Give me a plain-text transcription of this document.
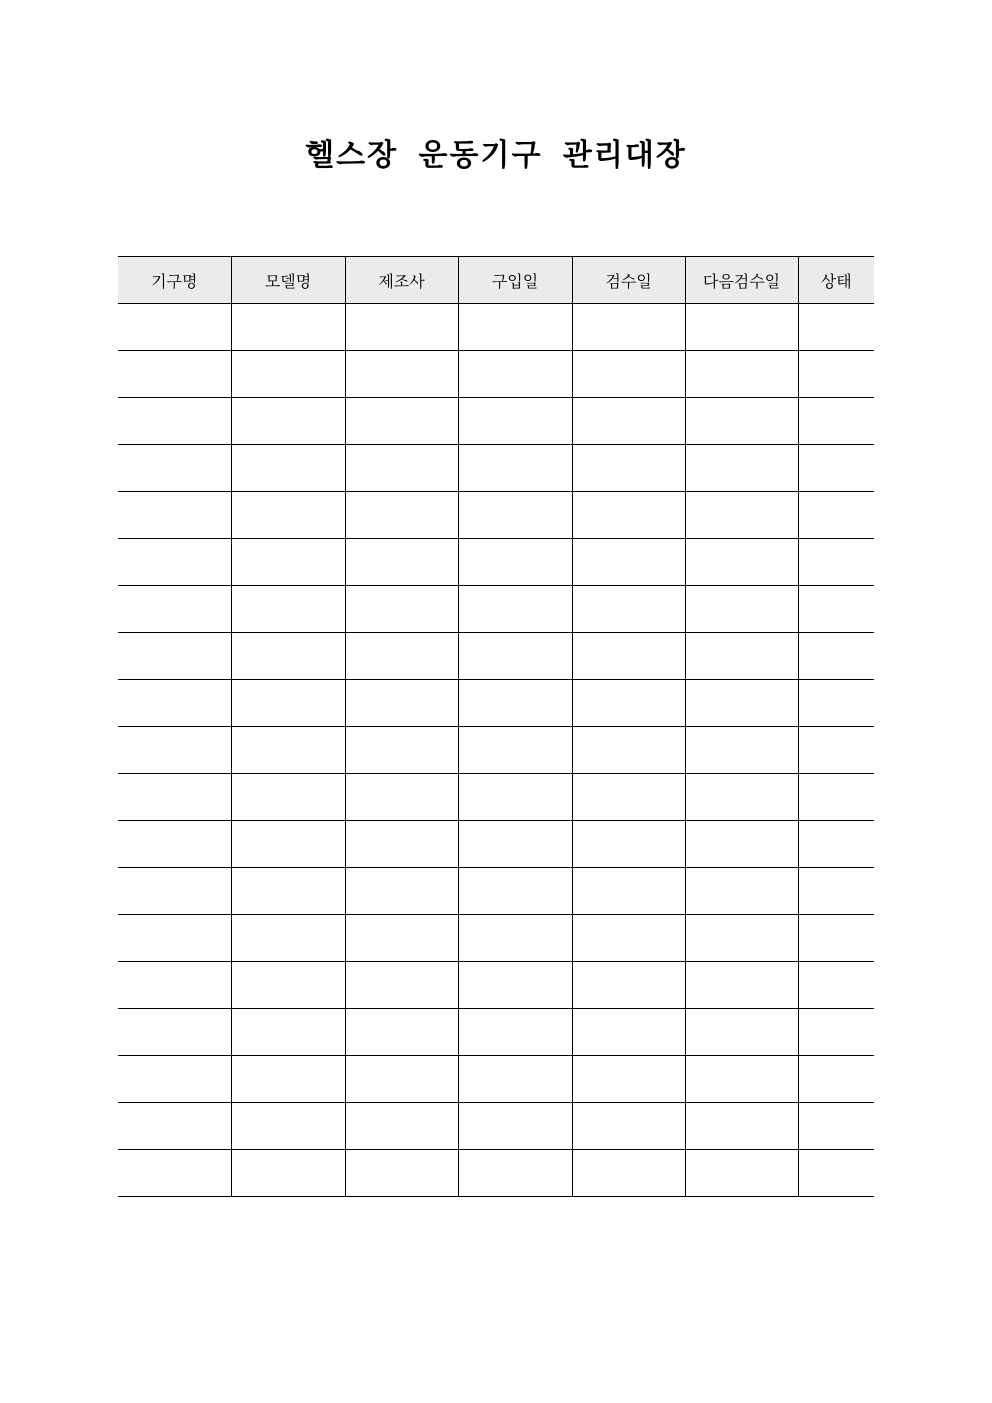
헬스장 운동기구 관리대장
기구명	모델명	제조사	구입일	검수일	다음검수일	상태
